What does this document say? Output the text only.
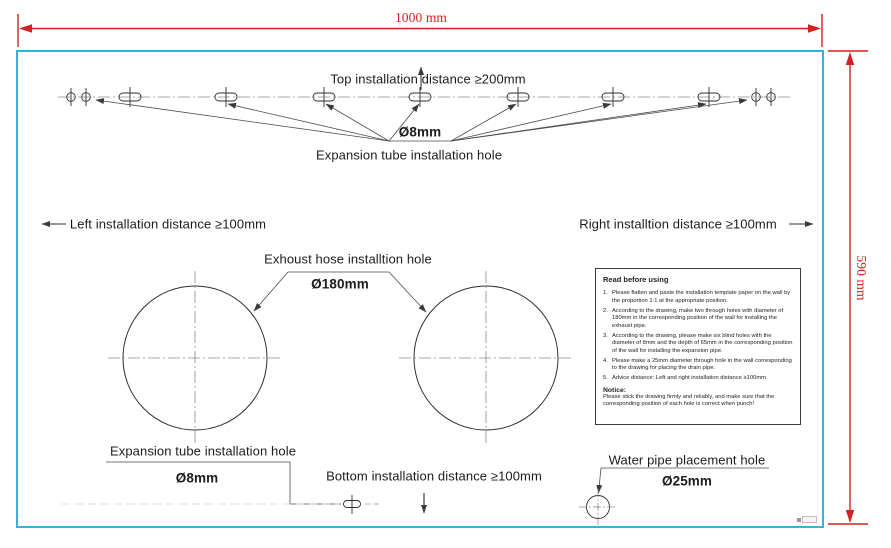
1000 mm
590 mm
Top installation distance ≥200mm
Ø8mm
Expansion tube installation hole
Left installation distance ≥100mm	Right installtion distance ≥100mm
Exhoust hose installtion hole
Ø180mm
Expansion tube installation hole
Ø8mm	Bottom installation distance ≥100mm
Water pipe placement hole
Ø25mm
Read before using
1. Please flatten and paste the installation template paper on the wall by the proportion 1:1 at the appropriate position.
2. According to the drawing, make two through holes with diameter of 180mm in the corresponding position of the wall for installing the exhaust pipe.
3. According to the drawing, please make six blind holes with the diameter of 8mm and the depth of 65mm in the corresponding position of the wall for installing the expansion pipe.
4. Please make a 25mm diameter through hole in the wall corresponding to the drawing for placing the drain pipe.
5. Advice distance: Left and right installation distance ≥100mm.
Notice:
Please stick the drawing firmly and reliably, and make sure that the corresponding position of each hole is correct when punch!
